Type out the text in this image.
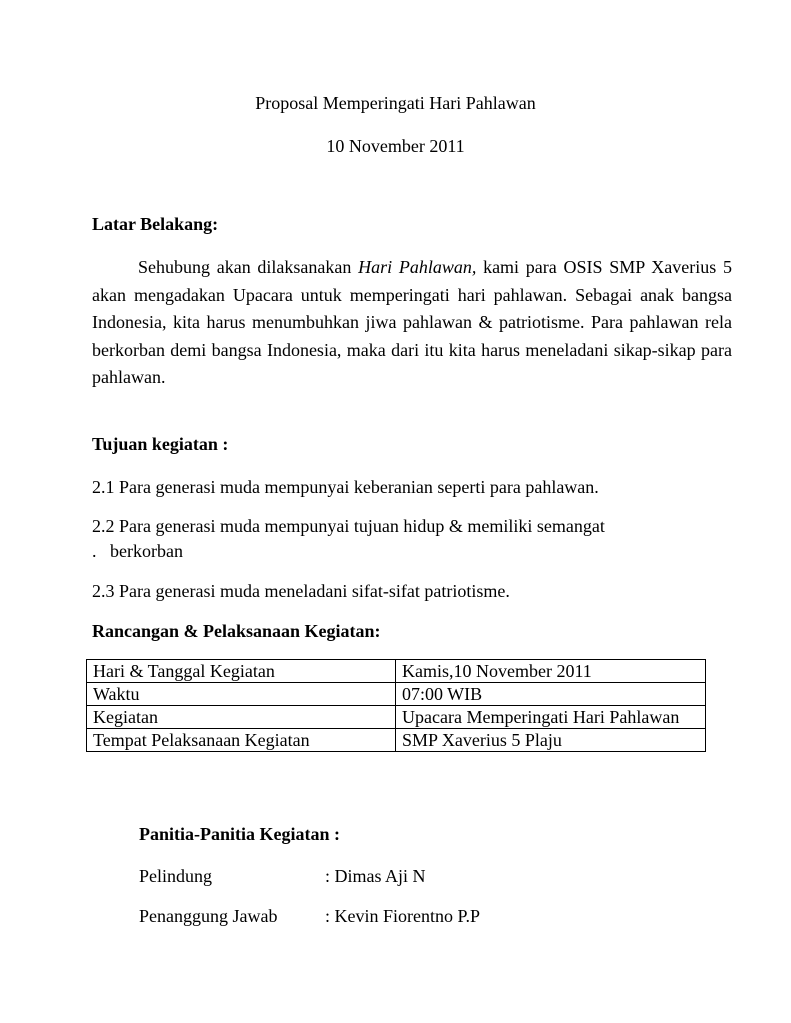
Proposal Memperingati Hari Pahlawan
10 November 2011
Latar Belakang:
Sehubung akan dilaksanakan Hari Pahlawan, kami para OSIS SMP Xaverius 5 akan mengadakan Upacara untuk memperingati hari pahlawan. Sebagai anak bangsa Indonesia, kita harus menumbuhkan jiwa pahlawan & patriotisme. Para pahlawan rela berkorban demi bangsa Indonesia, maka dari itu kita harus meneladani sikap-sikap para pahlawan.
Tujuan kegiatan :
2.1 Para generasi muda mempunyai keberanian seperti para pahlawan.
2.2 Para generasi muda mempunyai tujuan hidup & memiliki semangat
.   berkorban
2.3 Para generasi muda meneladani sifat-sifat patriotisme.
Rancangan & Pelaksanaan Kegiatan:
Hari & Tanggal Kegiatan	Kamis,10 November 2011
Waktu	07:00 WIB
Kegiatan	Upacara Memperingati Hari Pahlawan
Tempat Pelaksanaan Kegiatan	SMP Xaverius 5 Plaju
Panitia-Panitia Kegiatan :
Pelindung	: Dimas Aji N
Penanggung Jawab	: Kevin Fiorentno P.P
